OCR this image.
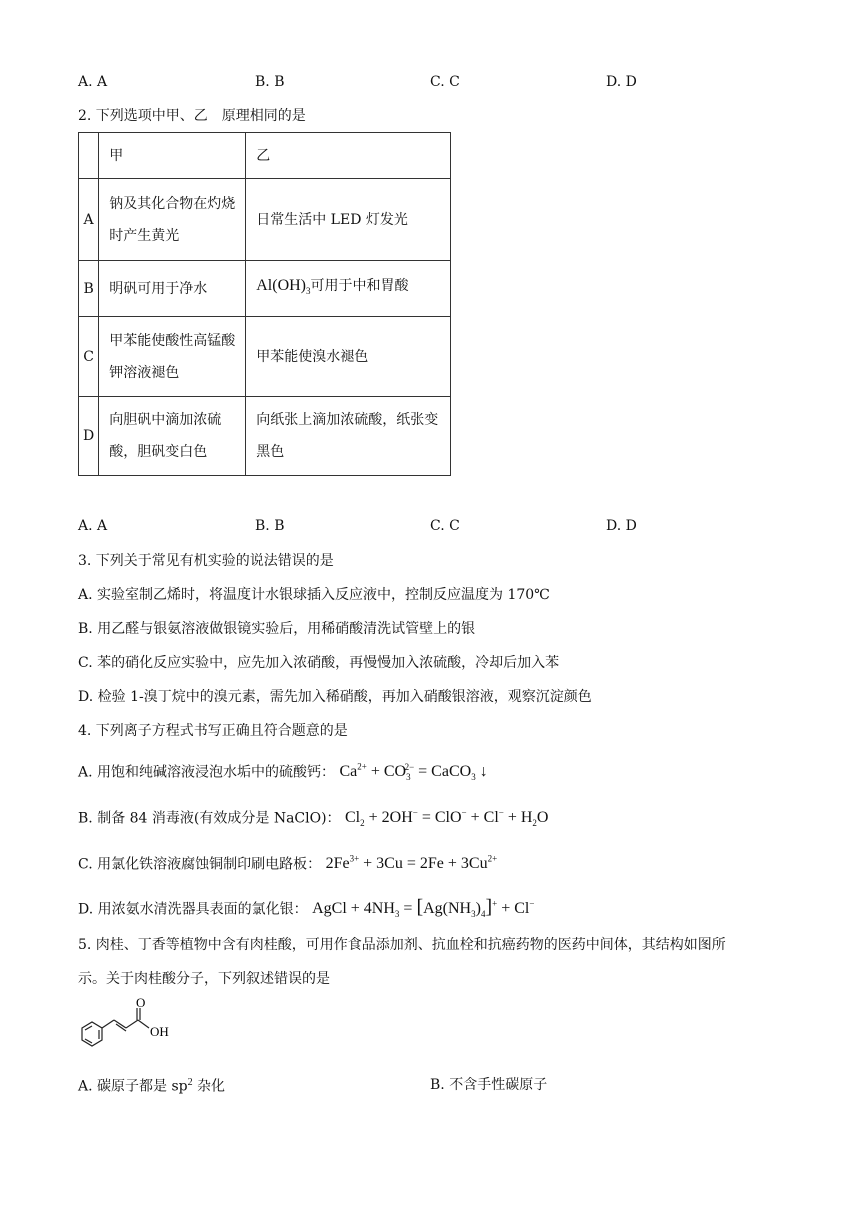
A. A	B. B	C. C	D. D
2. 下列选项中甲、乙　原理相同的是
	甲	乙
A	钠及其化合物在灼烧时产生黄光	日常生活中 LED 灯发光
B	明矾可用于净水	$Al(OH)_3$可用于中和胃酸
C	甲苯能使酸性高锰酸钾溶液褪色	甲苯能使溴水褪色
D	向胆矾中滴加浓硫酸，胆矾变白色	向纸张上滴加浓硫酸，纸张变黑色
A. A	B. B	C. C	D. D
3. 下列关于常见有机实验的说法错误的是
A. 实验室制乙烯时，将温度计水银球插入反应液中，控制反应温度为 170℃
B. 用乙醛与银氨溶液做银镜实验后，用稀硝酸清洗试管壁上的银
C. 苯的硝化反应实验中，应先加入浓硝酸，再慢慢加入浓硫酸，冷却后加入苯
D. 检验 1-溴丁烷中的溴元素，需先加入稀硝酸，再加入硝酸银溶液，观察沉淀颜色
4. 下列离子方程式书写正确且符合题意的是
A. 用饱和纯碱溶液浸泡水垢中的硫酸钙： $Ca^{2+} + CO_3^{2-}$ = CaCO$_3$ ↓
B. 制备 84 消毒液(有效成分是 NaClO)： $Cl_2 + 2OH^- = ClO^- + Cl^- + H_2O$
C. 用氯化铁溶液腐蚀铜制印刷电路板： $2Fe^{3+} + 3Cu = 2Fe + 3Cu^{2+}$
D. 用浓氨水清洗器具表面的氯化银： AgCl + $4NH_3 = [Ag(NH_3)_4]^+ + Cl^-$
5. 肉桂、丁香等植物中含有肉桂酸，可用作食品添加剂、抗血栓和抗癌药物的医药中间体，其结构如图所
示。关于肉桂酸分子，下列叙述错误的是
O
OH
A. 碳原子都是 $sp^2$ 杂化	B. 不含手性碳原子
